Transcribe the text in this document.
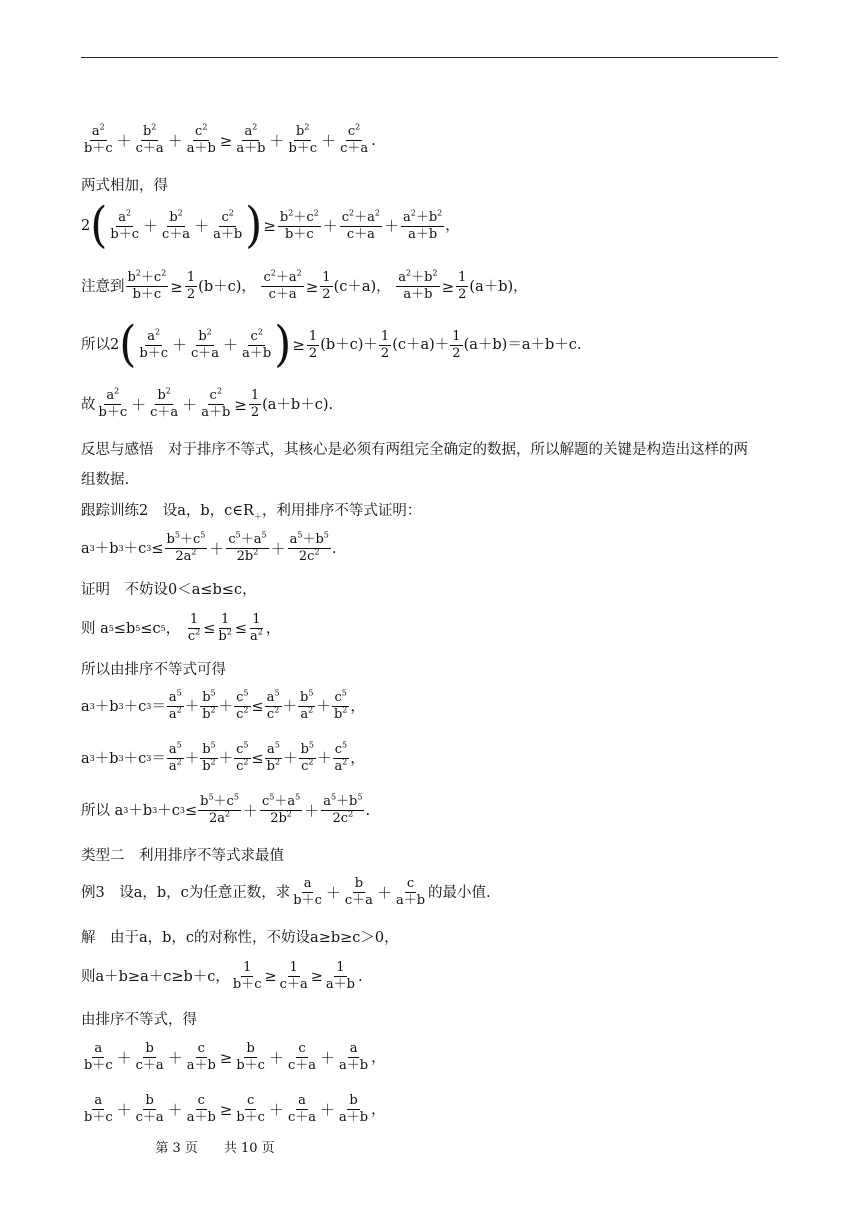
$\frac{a^2}{b+c} + \frac{b^2}{c+a} + \frac{c^2}{a+b} \ge \frac{a^2}{a+b} + \frac{b^2}{b+c} + \frac{c^2}{c+a}$ .
两式相加，得
2 ( $\frac{a^2}{b+c} + \frac{b^2}{c+a} + \frac{c^2}{a+b}$ ) ≥ $\frac{b^2+c^2}{b+c} + \frac{c^2+a^2}{c+a} + \frac{a^2+b^2}{a+b}$ ，
注意到 $\frac{b^2+c^2}{b+c} \ge \frac{1}{2} (b+c)$， $\frac{c^2+a^2}{c+a} \ge \frac{1}{2} (c+a)$， $\frac{a^2+b^2}{a+b} \ge \frac{1}{2} (a+b)$，
所以 2 ( $\frac{a^2}{b+c} + \frac{b^2}{c+a} + \frac{c^2}{a+b}$ ) ≥ $\frac{1}{2} (b+c)+ \frac{1}{2} (c+a)+ \frac{1}{2} (a+b)=a+b+c$.
故 $\frac{a^2}{b+c} + \frac{b^2}{c+a} + \frac{c^2}{a+b} \ge \frac{1}{2} (a+b+c)$.
反思与感悟　 对于排序不等式，其核心是必须有两组完全确定的数据，所以解题的关键是构造出这样的两
组数据.
跟踪训练2　设a，b，$c\in R_+$，利用排序不等式证明：
a 3 ＋b 3 ＋c $3 \le \frac{b^5+c^5}{2a^2} + \frac{c^5+a^5}{2b^2} + \frac{a^5+b^5}{2c^2}$ .
证明　不妨设0＜a≤b≤c，
则 a 5 ≤b 5 ≤c 5 ， $\frac{1}{c^2} \le \frac{1}{b^2} \le \frac{1}{a^2}$ ，
所以由排序不等式可得
a 3 ＋b 3 ＋c $3 = \frac{a^5}{a^2} + \frac{b^5}{b^2} + \frac{c^5}{c^2} \le \frac{a^5}{c^2} + \frac{b^5}{a^2} + \frac{c^5}{b^2}$ ，
a 3 ＋b 3 ＋c $3 = \frac{a^5}{a^2} + \frac{b^5}{b^2} + \frac{c^5}{c^2} \le \frac{a^5}{b^2} + \frac{b^5}{c^2} + \frac{c^5}{a^2}$ ，
所以 a 3 ＋b 3 ＋c $3 \le \frac{b^5+c^5}{2a^2} + \frac{c^5+a^5}{2b^2} + \frac{a^5+b^5}{2c^2}$ .
类型二　利用排序不等式求最值
例3　设a，b，c为任意正数，求 $\frac{a}{b+c} + \frac{b}{c+a} + \frac{c}{a+b}$ 的最小值.
解　由于a，b，c的对称性，不妨设a≥b≥c＞0，
则a＋b≥a＋c≥b＋c， $\frac{1}{b+c} \ge \frac{1}{c+a} \ge \frac{1}{a+b}$ .
由排序不等式，得
$\frac{a}{b+c} + \frac{b}{c+a} + \frac{c}{a+b} \ge \frac{b}{b+c} + \frac{c}{c+a} + \frac{a}{a+b}$ ，
$\frac{a}{b+c} + \frac{b}{c+a} + \frac{c}{a+b} \ge \frac{c}{b+c} + \frac{a}{c+a} + \frac{b}{a+b}$ ，
第 3 页　　共 10 页
